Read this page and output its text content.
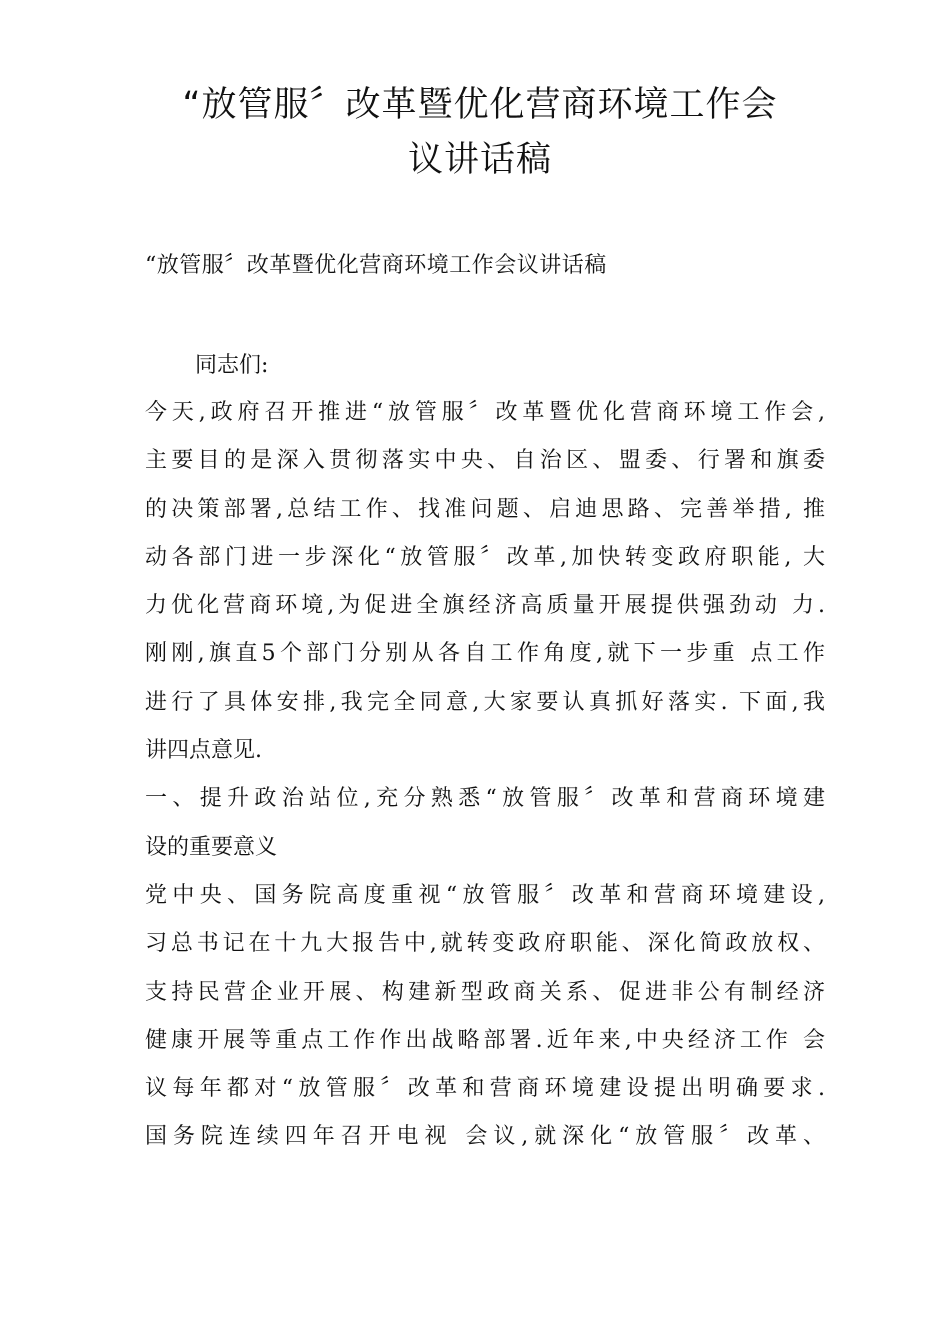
“放管服〞改革暨优化营商环境工作会
议讲话稿

“放管服〞改革暨优化营商环境工作会议讲话稿

同志们:

今天,政府召开推进“放管服〞改革暨优化营商环境工作会,
主要目的是深入贯彻落实中央、自治区、盟委、行署和旗委
的决策部署,总结工作、找准问题、启迪思路、完善举措, 推
动各部门进一步深化“放管服〞改革,加快转变政府职能, 大
力优化营商环境,为促进全旗经济高质量开展提供强劲动 力.
刚刚,旗直5个部门分别从各自工作角度,就下一步重 点工作
进行了具体安排,我完全同意,大家要认真抓好落实. 下面,我
讲四点意见.
一、提升政治站位,充分熟悉“放管服〞改革和营商环境建
设的重要意义
党中央、国务院高度重视“放管服〞改革和营商环境建设,
习总书记在十九大报告中,就转变政府职能、深化简政放权、
支持民营企业开展、构建新型政商关系、促进非公有制经济
健康开展等重点工作作出战略部署.近年来,中央经济工作 会
议每年都对“放管服〞改革和营商环境建设提出明确要求.
国务院连续四年召开电视 会议,就深化“放管服〞改革、
